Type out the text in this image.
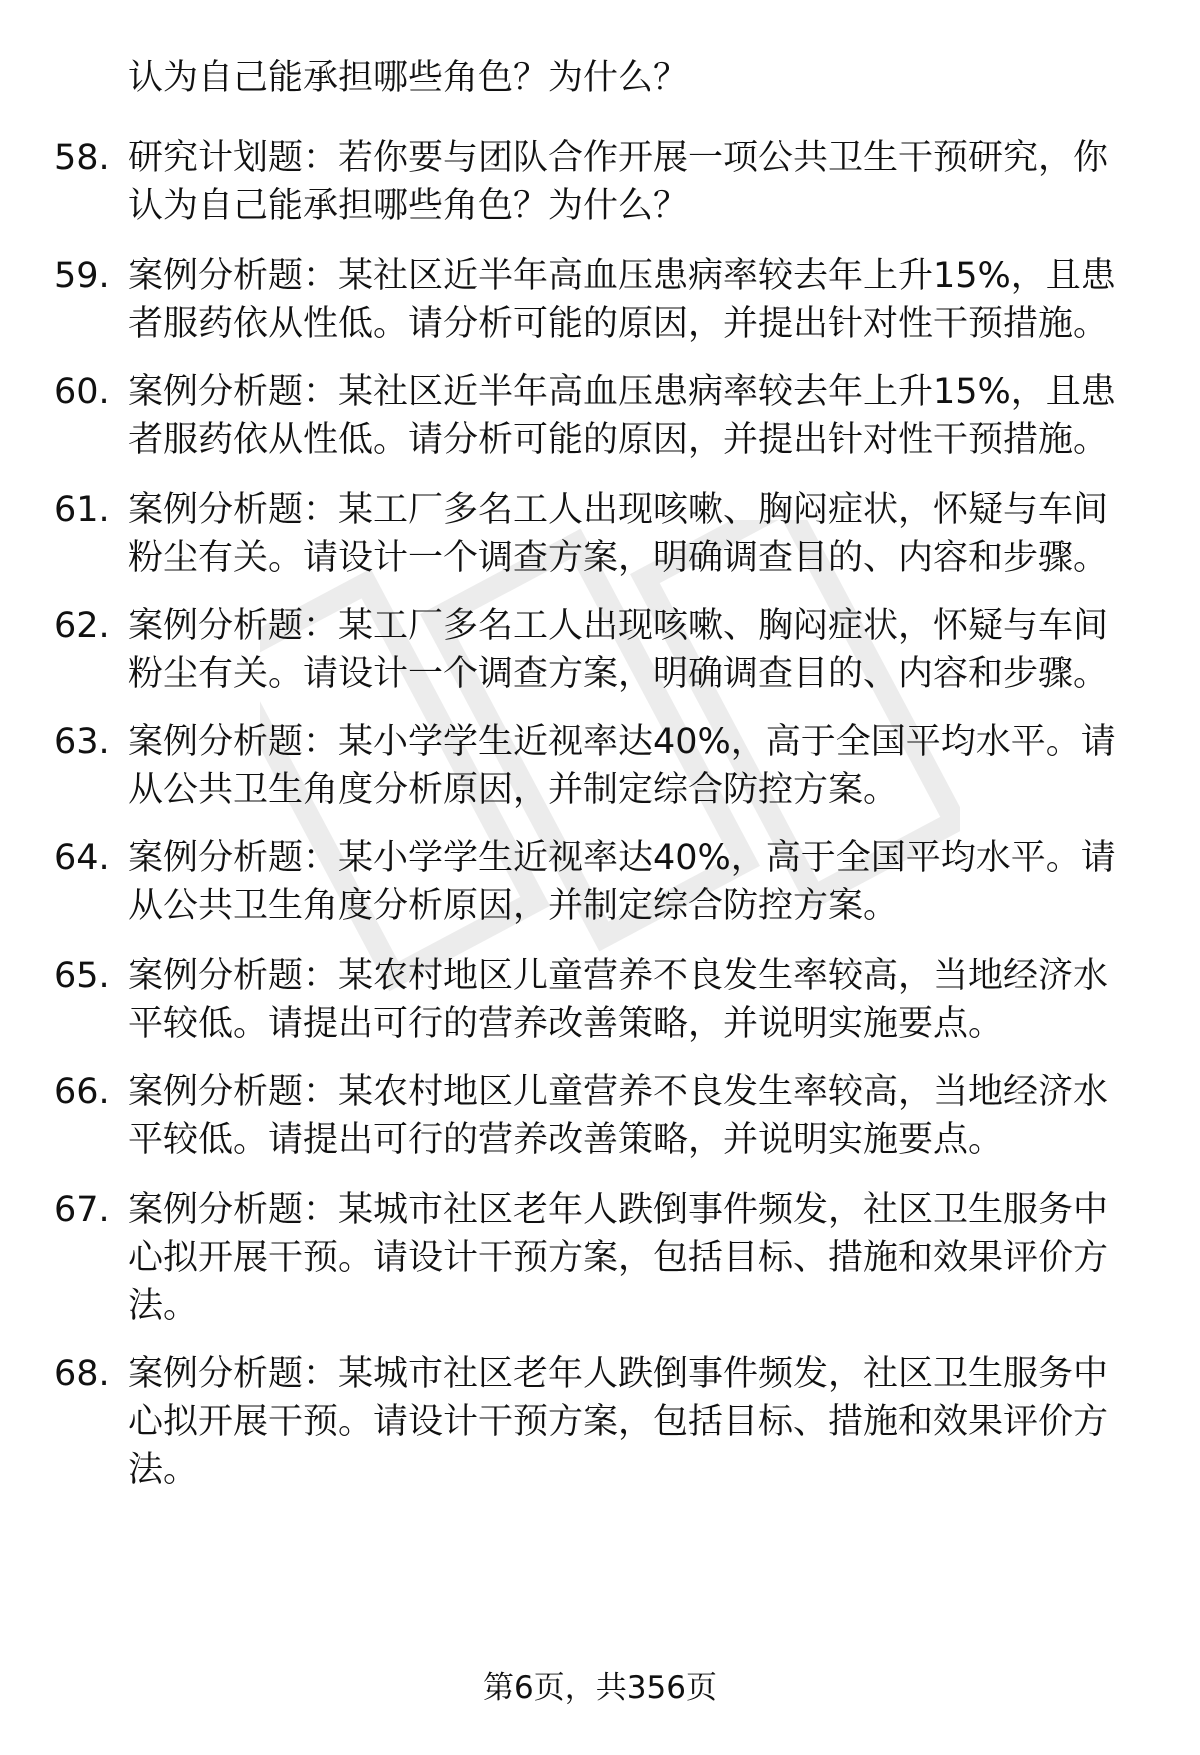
认为自己能承担哪些角色？为什么？
58. 研究计划题：若你要与团队合作开展一项公共卫生干预研究，你认为自己能承担哪些角色？为什么？
59. 案例分析题：某社区近半年高血压患病率较去年上升15%，且患者服药依从性低。请分析可能的原因，并提出针对性干预措施。
60. 案例分析题：某社区近半年高血压患病率较去年上升15%，且患者服药依从性低。请分析可能的原因，并提出针对性干预措施。
61. 案例分析题：某工厂多名工人出现咳嗽、胸闷症状，怀疑与车间粉尘有关。请设计一个调查方案，明确调查目的、内容和步骤。
62. 案例分析题：某工厂多名工人出现咳嗽、胸闷症状，怀疑与车间粉尘有关。请设计一个调查方案，明确调查目的、内容和步骤。
63. 案例分析题：某小学学生近视率达40%，高于全国平均水平。请从公共卫生角度分析原因，并制定综合防控方案。
64. 案例分析题：某小学学生近视率达40%，高于全国平均水平。请从公共卫生角度分析原因，并制定综合防控方案。
65. 案例分析题：某农村地区儿童营养不良发生率较高，当地经济水平较低。请提出可行的营养改善策略，并说明实施要点。
66. 案例分析题：某农村地区儿童营养不良发生率较高，当地经济水平较低。请提出可行的营养改善策略，并说明实施要点。
67. 案例分析题：某城市社区老年人跌倒事件频发，社区卫生服务中心拟开展干预。请设计干预方案，包括目标、措施和效果评价方法。
68. 案例分析题：某城市社区老年人跌倒事件频发，社区卫生服务中心拟开展干预。请设计干预方案，包括目标、措施和效果评价方法。
第6页，共356页
